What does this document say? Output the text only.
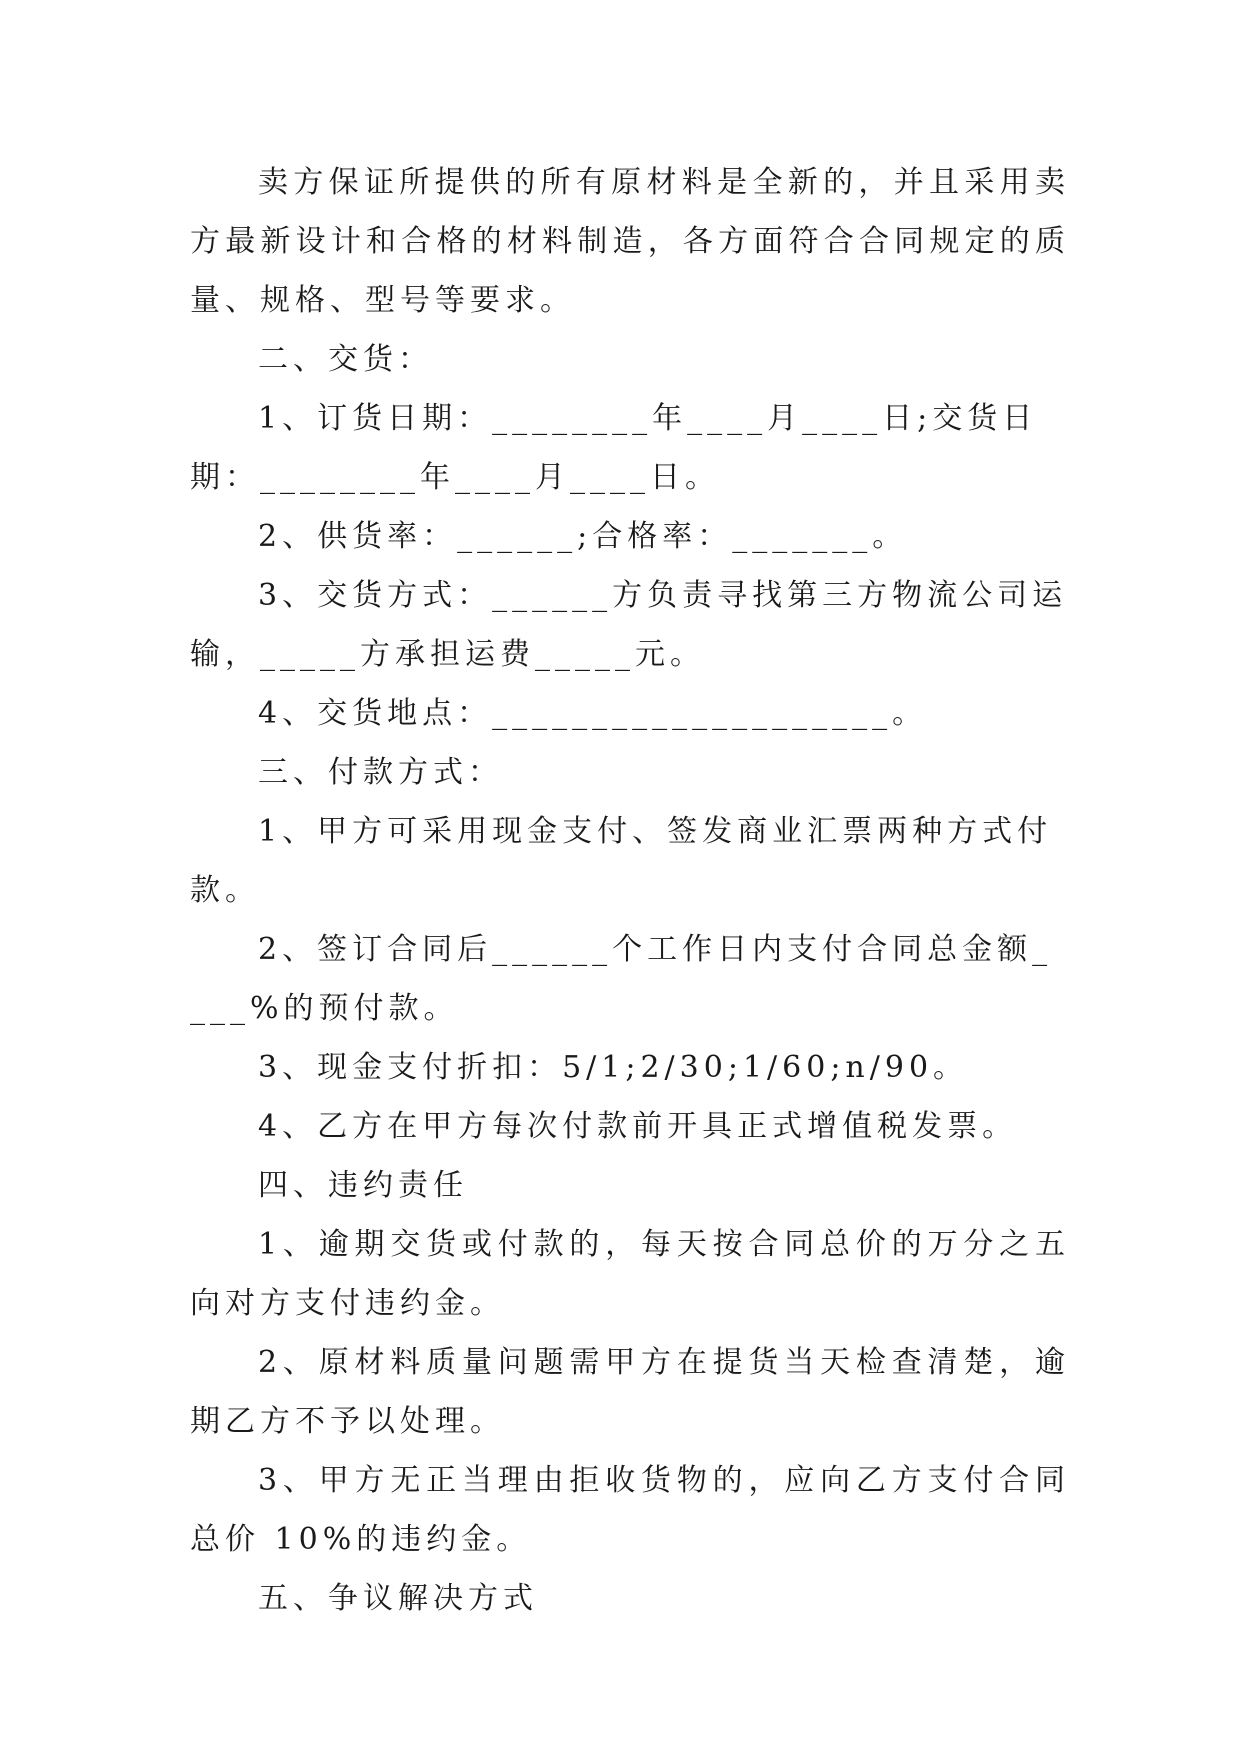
卖方保证所提供的所有原材料是全新的，并且采用卖方最新设计和合格的材料制造，各方面符合合同规定的质量、规格、型号等要求。

二、交货：

1、订货日期：________年____月____日;交货日期：________年____月____日。

2、供货率：______;合格率：_______。

3、交货方式：______方负责寻找第三方物流公司运输，_____方承担运费_____元。

4、交货地点：____________________。

三、付款方式：

1、甲方可采用现金支付、签发商业汇票两种方式付款。

2、签订合同后______个工作日内支付合同总金额____%的预付款。

3、现金支付折扣：5/1;2/30;1/60;n/90。

4、乙方在甲方每次付款前开具正式增值税发票。

四、违约责任

1、逾期交货或付款的，每天按合同总价的万分之五向对方支付违约金。

2、原材料质量问题需甲方在提货当天检查清楚，逾期乙方不予以处理。

3、甲方无正当理由拒收货物的，应向乙方支付合同总价 10%的违约金。

五、争议解决方式
